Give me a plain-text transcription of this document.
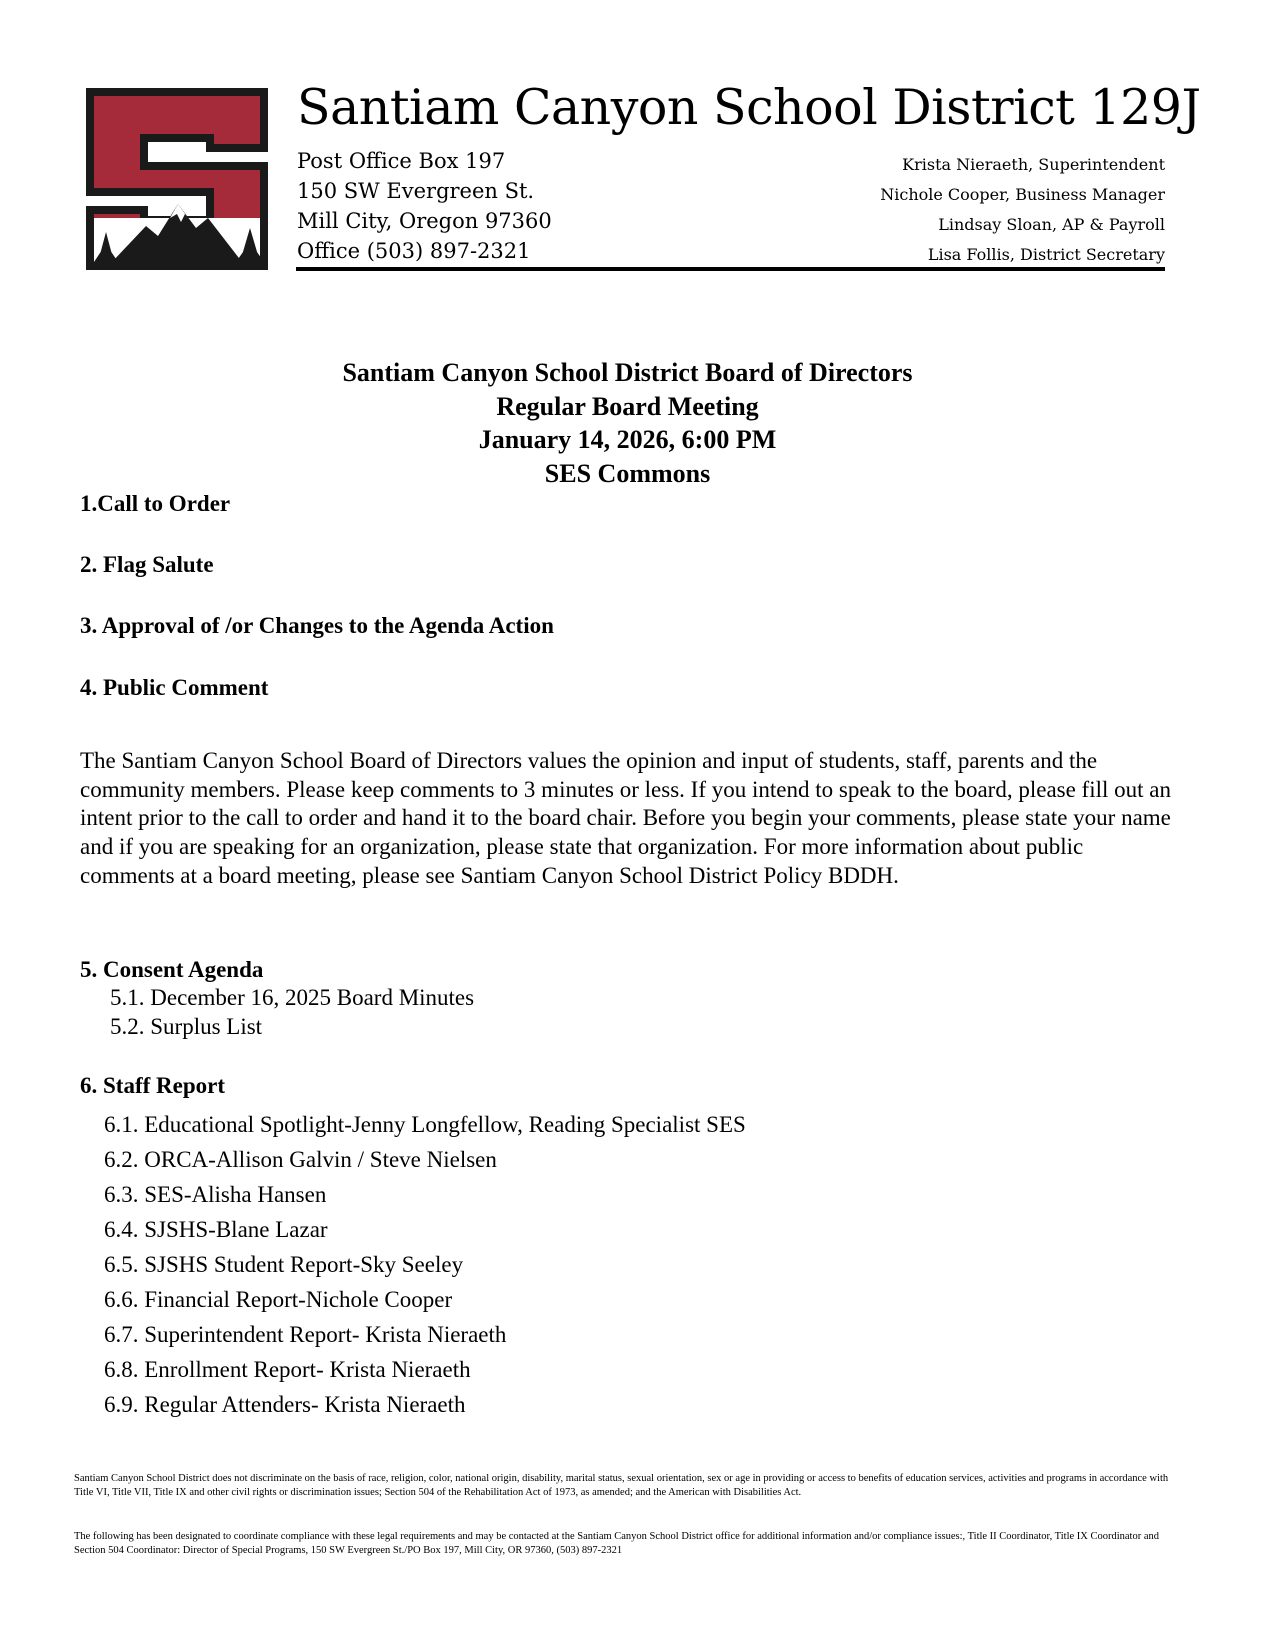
Santiam Canyon School District 129J
Post Office Box 197
150 SW Evergreen St.
Mill City, Oregon 97360
Office (503) 897-2321
Krista Nieraeth, Superintendent
Nichole Cooper, Business Manager
Lindsay Sloan, AP & Payroll
Lisa Follis, District Secretary
Santiam Canyon School District Board of Directors
Regular Board Meeting
January 14, 2026, 6:00 PM
SES Commons
1.Call to Order
2. Flag Salute
3. Approval of /or Changes to the Agenda Action
4. Public Comment
The Santiam Canyon School Board of Directors values the opinion and input of students, staff, parents and the community members. Please keep comments to 3 minutes or less. If you intend to speak to the board, please fill out an intent prior to the call to order and hand it to the board chair. Before you begin your comments, please state your name and if you are speaking for an organization, please state that organization. For more information about public comments at a board meeting, please see Santiam Canyon School District Policy BDDH.
5. Consent Agenda
5.1. December 16, 2025 Board Minutes
5.2. Surplus List
6. Staff Report
6.1. Educational Spotlight-Jenny Longfellow, Reading Specialist SES
6.2. ORCA-Allison Galvin / Steve Nielsen
6.3. SES-Alisha Hansen
6.4. SJSHS-Blane Lazar
6.5. SJSHS Student Report-Sky Seeley
6.6. Financial Report-Nichole Cooper
6.7. Superintendent Report- Krista Nieraeth
6.8. Enrollment Report- Krista Nieraeth
6.9. Regular Attenders- Krista Nieraeth
Santiam Canyon School District does not discriminate on the basis of race, religion, color, national origin, disability, marital status, sexual orientation, sex or age in providing or access to benefits of education services, activities and programs in accordance with Title VI, Title VII, Title IX and other civil rights or discrimination issues; Section 504 of the Rehabilitation Act of 1973, as amended; and the American with Disabilities Act.
The following has been designated to coordinate compliance with these legal requirements and may be contacted at the Santiam Canyon School District office for additional information and/or compliance issues:, Title II Coordinator, Title IX Coordinator and Section 504 Coordinator: Director of Special Programs, 150 SW Evergreen St./PO Box 197, Mill City, OR 97360, (503) 897-2321
